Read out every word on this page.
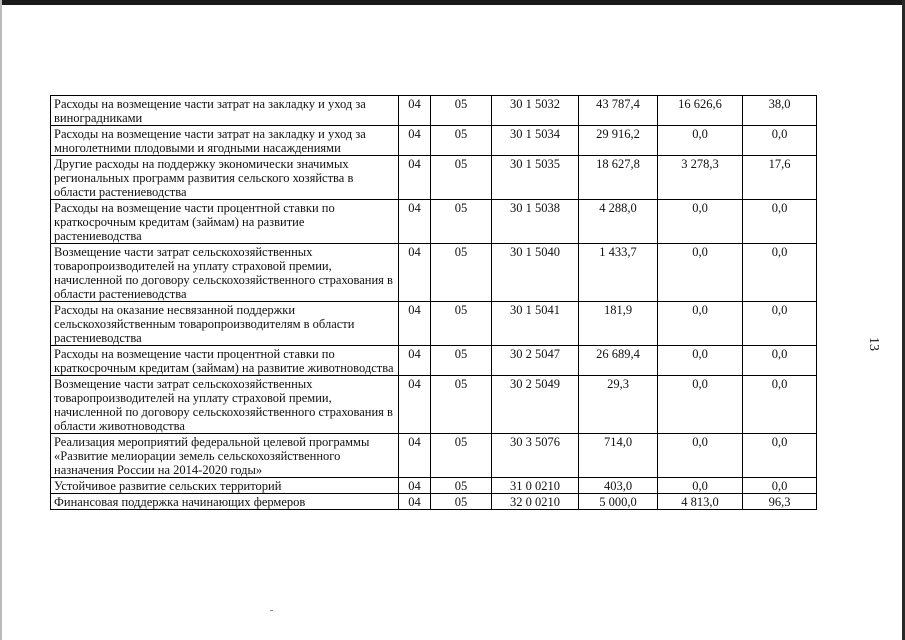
Расходы на возмещение части затрат на закладку и уход за виноградниками	04	05	30 1 5032	43 787,4	16 626,6	38,0
Расходы на возмещение части затрат на закладку и уход за многолетними плодовыми и ягодными насаждениями	04	05	30 1 5034	29 916,2	0,0	0,0
Другие расходы на поддержку экономически значимых региональных программ развития сельского хозяйства в области растениеводства	04	05	30 1 5035	18 627,8	3 278,3	17,6
Расходы на возмещение части процентной ставки по краткосрочным кредитам (займам) на развитие растениеводства	04	05	30 1 5038	4 288,0	0,0	0,0
Возмещение части затрат сельскохозяйственных товаропроизводителей на уплату страховой премии, начисленной по договору сельскохозяйственного страхования в области растениеводства	04	05	30 1 5040	1 433,7	0,0	0,0
Расходы на оказание несвязанной поддержки сельскохозяйственным товаропроизводителям в области растениеводства	04	05	30 1 5041	181,9	0,0	0,0
Расходы на возмещение части процентной ставки по краткосрочным кредитам (займам) на развитие животноводства	04	05	30 2 5047	26 689,4	0,0	0,0
Возмещение части затрат сельскохозяйственных товаропроизводителей на уплату страховой премии, начисленной по договору сельскохозяйственного страхования в области животноводства	04	05	30 2 5049	29,3	0,0	0,0
Реализация мероприятий федеральной целевой программы «Развитие мелиорации земель сельскохозяйственного назначения России на 2014-2020 годы»	04	05	30 3 5076	714,0	0,0	0,0
Устойчивое развитие сельских территорий	04	05	31 0 0210	403,0	0,0	0,0
Финансовая поддержка начинающих фермеров	04	05	32 0 0210	5 000,0	4 813,0	96,3
13
